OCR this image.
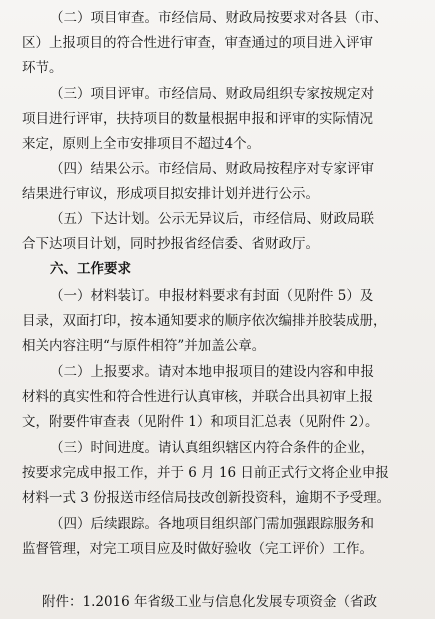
（二）项目审查。市经信局、财政局按要求对各县（市、
区）上报项目的符合性进行审查，审查通过的项目进入评审
环节。
（三）项目评审。市经信局、财政局组织专家按规定对
项目进行评审，扶持项目的数量根据申报和评审的实际情况
来定，原则上全市安排项目不超过4个。
（四）结果公示。市经信局、财政局按程序对专家评审
结果进行审议，形成项目拟安排计划并进行公示。
（五）下达计划。公示无异议后，市经信局、财政局联
合下达项目计划，同时抄报省经信委、省财政厅。
六、工作要求
（一）材料装订。申报材料要求有封面（见附件 5）及
目录，双面打印，按本通知要求的顺序依次编排并胶装成册，
相关内容注明“与原件相符”并加盖公章。
（二）上报要求。请对本地申报项目的建设内容和申报
材料的真实性和符合性进行认真审核，并联合出具初审上报
文，附要件审查表（见附件 1）和项目汇总表（见附件 2）。
（三）时间进度。请认真组织辖区内符合条件的企业，
按要求完成申报工作，并于 6 月 16 日前正式行文将企业申报
材料一式 3 份报送市经信局技改创新投资科，逾期不予受理。
（四）后续跟踪。各地项目组织部门需加强跟踪服务和
监督管理，对完工项目应及时做好验收（完工评价）工作。
附件：1.2016 年省级工业与信息化发展专项资金（省政
